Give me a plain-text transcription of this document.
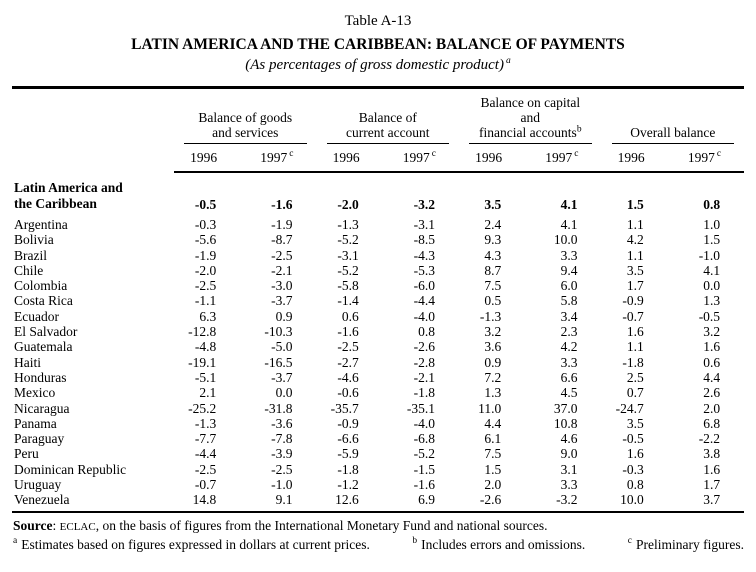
Table A-13
LATIN AMERICA AND THE CARIBBEAN: BALANCE OF PAYMENTS
(As percentages of gross domestic product) $^a$

	Balance of goods
and services		Balance of
current account		Balance on capital and
financial accounts$^b$		Overall balance	

	1996	1997 $^c$	1996	1997 $^c$	1996	1997 $^c$	1996	1997 $^c$

Latin America and
the Caribbean	-0.5	-1.6	-2.0	-3.2	3.5	4.1	1.5	0.8
Argentina	-0.3	-1.9	-1.3	-3.1	2.4	4.1	1.1	1.0
Bolivia	-5.6	-8.7	-5.2	-8.5	9.3	10.0	4.2	1.5
Brazil	-1.9	-2.5	-3.1	-4.3	4.3	3.3	1.1	-1.0
Chile	-2.0	-2.1	-5.2	-5.3	8.7	9.4	3.5	4.1
Colombia	-2.5	-3.0	-5.8	-6.0	7.5	6.0	1.7	0.0
Costa Rica	-1.1	-3.7	-1.4	-4.4	0.5	5.8	-0.9	1.3
Ecuador	6.3	0.9	0.6	-4.0	-1.3	3.4	-0.7	-0.5
El Salvador	-12.8	-10.3	-1.6	0.8	3.2	2.3	1.6	3.2
Guatemala	-4.8	-5.0	-2.5	-2.6	3.6	4.2	1.1	1.6
Haiti	-19.1	-16.5	-2.7	-2.8	0.9	3.3	-1.8	0.6
Honduras	-5.1	-3.7	-4.6	-2.1	7.2	6.6	2.5	4.4
Mexico	2.1	0.0	-0.6	-1.8	1.3	4.5	0.7	2.6
Nicaragua	-25.2	-31.8	-35.7	-35.1	11.0	37.0	-24.7	2.0
Panama	-1.3	-3.6	-0.9	-4.0	4.4	10.8	3.5	6.8
Paraguay	-7.7	-7.8	-6.6	-6.8	6.1	4.6	-0.5	-2.2
Peru	-4.4	-3.9	-5.9	-5.2	7.5	9.0	1.6	3.8
Dominican Republic	-2.5	-2.5	-1.8	-1.5	1.5	3.1	-0.3	1.6
Uruguay	-0.7	-1.0	-1.2	-1.6	2.0	3.3	0.8	1.7
Venezuela	14.8	9.1	12.6	6.9	-2.6	-3.2	10.0	3.7

Source: ECLAC, on the basis of figures from the International Monetary Fund and national sources.

$^a$ Estimates based on figures expressed in dollars at current prices.	$^b$ Includes errors and omissions.	$^c$ Preliminary figures.
